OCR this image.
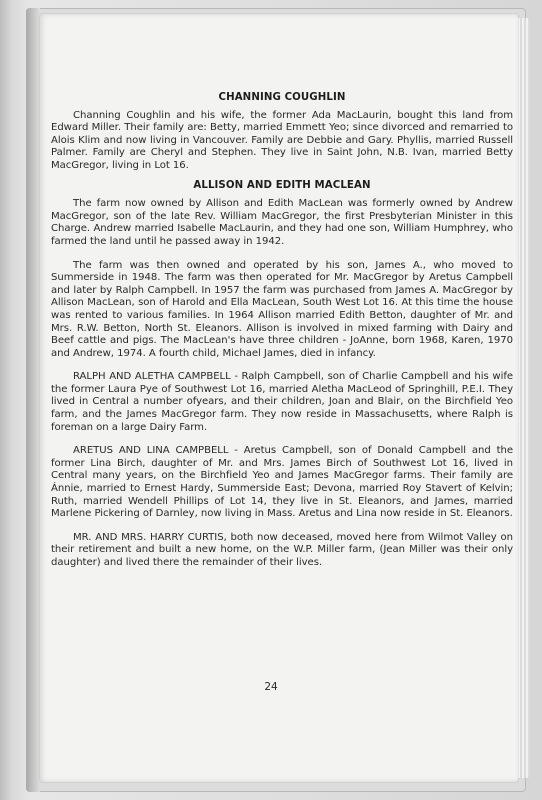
CHANNING COUGHLIN

Channing Coughlin and his wife, the former Ada MacLaurin, bought this land from Edward Miller. Their family are: Betty, married Emmett Yeo; since divorced and remarried to Alois Klim and now living in Vancouver. Family are Debbie and Gary. Phyllis, married Russell Palmer. Family are Cheryl and Stephen. They live in Saint John, N.B. Ivan, married Betty MacGregor, living in Lot 16.

ALLISON AND EDITH MACLEAN

The farm now owned by Allison and Edith MacLean was formerly owned by Andrew MacGregor, son of the late Rev. William MacGregor, the first Presbyterian Minister in this Charge. Andrew married Isabelle MacLaurin, and they had one son, William Humphrey, who farmed the land until he passed away in 1942.

The farm was then owned and operated by his son, James A., who moved to Summerside in 1948. The farm was then operated for Mr. MacGregor by Aretus Campbell and later by Ralph Campbell. In 1957 the farm was purchased from James A. MacGregor by Allison MacLean, son of Harold and Ella MacLean, South West Lot 16. At this time the house was rented to various families. In 1964 Allison married Edith Betton, daughter of Mr. and Mrs. R.W. Betton, North St. Eleanors. Allison is involved in mixed farming with Dairy and Beef cattle and pigs. The MacLean's have three children - JoAnne, born 1968, Karen, 1970 and Andrew, 1974. A fourth child, Michael James, died in infancy.

RALPH AND ALETHA CAMPBELL - Ralph Campbell, son of Charlie Campbell and his wife the former Laura Pye of Southwest Lot 16, married Aletha MacLeod of Springhill, P.E.I. They lived in Central a number ofyears, and their children, Joan and Blair, on the Birchfield Yeo farm, and the James MacGregor farm. They now reside in Massachusetts, where Ralph is foreman on a large Dairy Farm.

ARETUS AND LINA CAMPBELL - Aretus Campbell, son of Donald Campbell and the former Lina Birch, daughter of Mr. and Mrs. James Birch of Southwest Lot 16, lived in Central many years, on the Birchfield Yeo and James MacGregor farms. Their family are Ánnie, married to Ernest Hardy, Summerside East; Devona, married Roy Stavert of Kelvin; Ruth, married Wendell Phillips of Lot 14, they live in St. Eleanors, and James, married Marlene Pickering of Darnley, now living in Mass. Aretus and Lina now reside in St. Eleanors.

MR. AND MRS. HARRY CURTIS, both now deceased, moved here from Wilmot Valley on their retirement and built a new home, on the W.P. Miller farm, (Jean Miller was their only daughter) and lived there the remainder of their lives.

24
